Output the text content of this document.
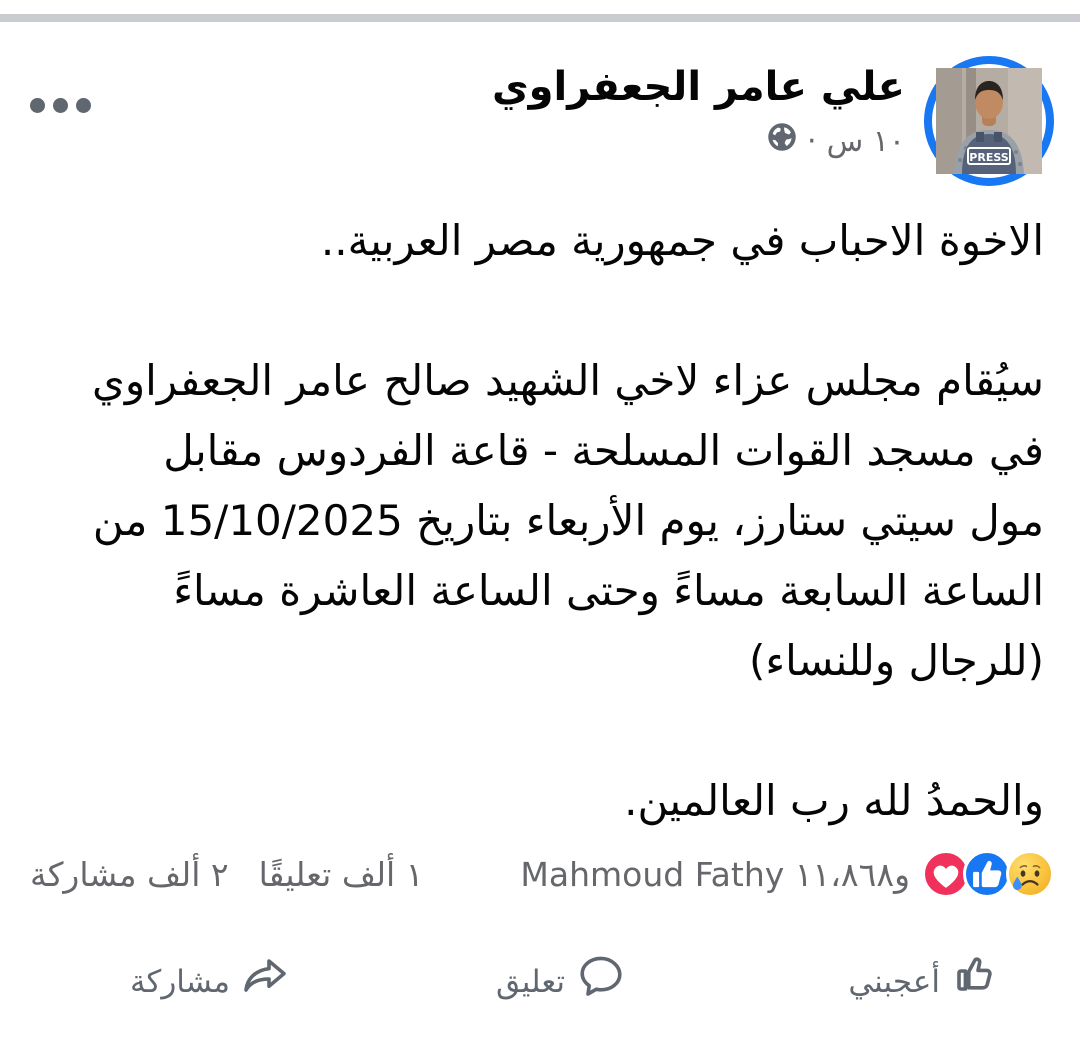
PRESS
علي عامر الجعفراوي
١٠ س
·
الاخوة الاحباب في جمهورية مصر العربية..
سيُقام مجلس عزاء لاخي الشهيد صالح عامر الجعفراوي
في مسجد القوات المسلحة - قاعة الفردوس مقابل
مول سيتي ستارز، يوم الأربعاء بتاريخ 15/10/2025 من
الساعة السابعة مساءً وحتى الساعة العاشرة مساءً
(للرجال وللنساء)
والحمدُ لله رب العالمين.
و١١،٨٦٨ Mahmoud Fathy
١ ألف تعليقًا
٢ ألف مشاركة
أعجبني
تعليق
مشاركة
